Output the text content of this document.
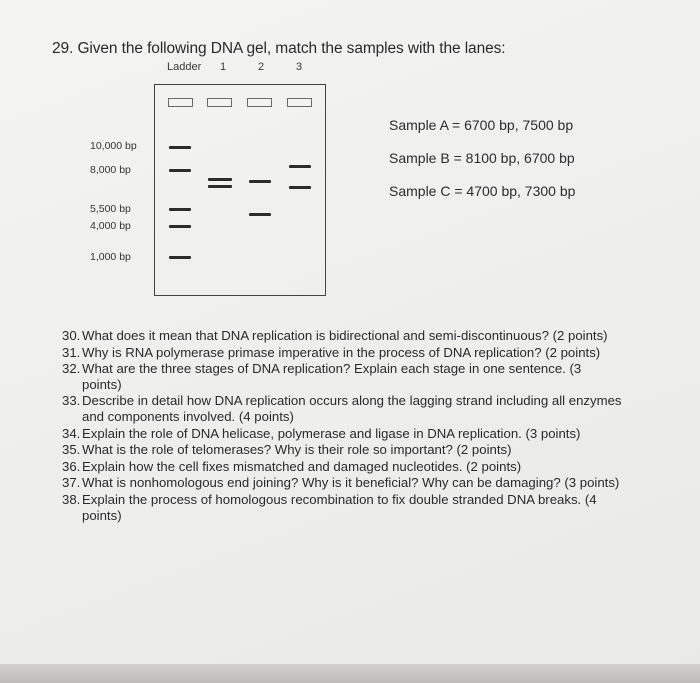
29. Given the following DNA gel, match the samples with the lanes:
Ladder 1	2	3
10,000 bp
8,000 bp
5,500 bp
4,000 bp
1,000 bp
Sample A = 6700 bp, 7500 bp
Sample B = 8100 bp, 6700 bp
Sample C = 4700 bp, 7300 bp
30. What does it mean that DNA replication is bidirectional and semi-discontinuous? (2 points)
31. Why is RNA polymerase primase imperative in the process of DNA replication? (2 points)
32. What are the three stages of DNA replication? Explain each stage in one sentence. (3 points)
33. Describe in detail how DNA replication occurs along the lagging strand including all enzymes and components involved. (4 points)
34. Explain the role of DNA helicase, polymerase and ligase in DNA replication. (3 points)
35. What is the role of telomerases? Why is their role so important? (2 points)
36. Explain how the cell fixes mismatched and damaged nucleotides. (2 points)
37. What is nonhomologous end joining? Why is it beneficial? Why can be damaging? (3 points)
38. Explain the process of homologous recombination to fix double stranded DNA breaks. (4 points)
